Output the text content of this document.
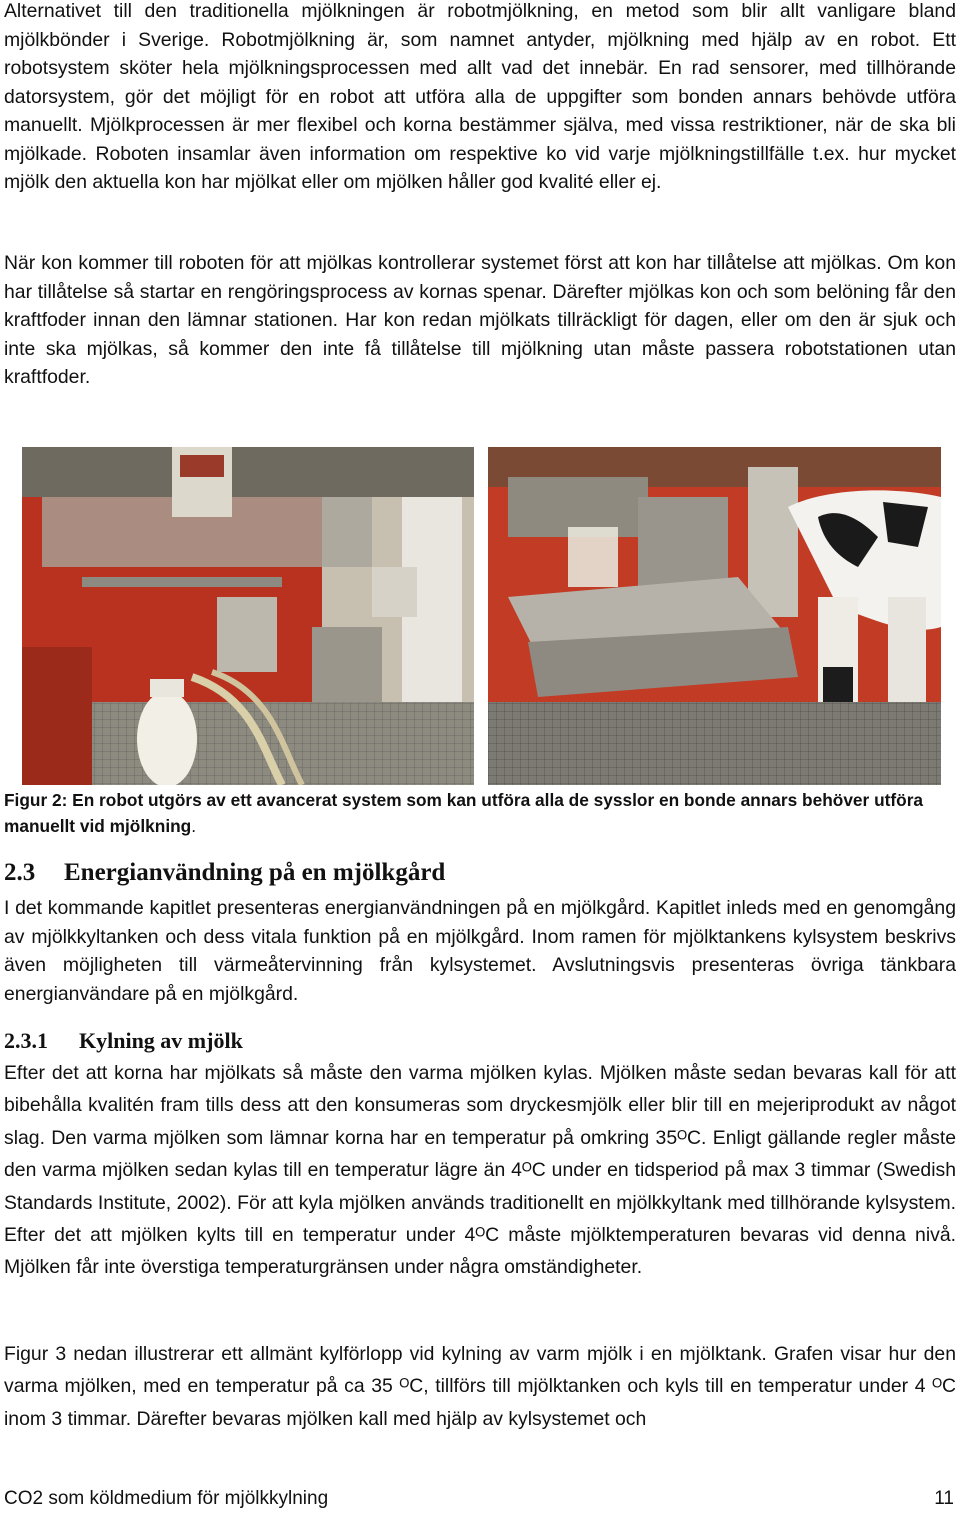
Alternativet till den traditionella mjölkningen är robotmjölkning, en metod som blir allt vanligare bland mjölkbönder i Sverige. Robotmjölkning är, som namnet antyder, mjölkning med hjälp av en robot. Ett robotsystem sköter hela mjölkningsprocessen med allt vad det innebär. En rad sensorer, med tillhörande datorsystem, gör det möjligt för en robot att utföra alla de uppgifter som bonden annars behövde utföra manuellt. Mjölkprocessen är mer flexibel och korna bestämmer själva, med vissa restriktioner, när de ska bli mjölkade. Roboten insamlar även information om respektive ko vid varje mjölkningstillfälle t.ex. hur mycket mjölk den aktuella kon har mjölkat eller om mjölken håller god kvalité eller ej.

När kon kommer till roboten för att mjölkas kontrollerar systemet först att kon har tillåtelse att mjölkas. Om kon har tillåtelse så startar en rengöringsprocess av kornas spenar. Därefter mjölkas kon och som belöning får den kraftfoder innan den lämnar stationen. Har kon redan mjölkats tillräckligt för dagen, eller om den är sjuk och inte ska mjölkas, så kommer den inte få tillåtelse till mjölkning utan måste passera robotstationen utan kraftfoder.

Figur 2: En robot utgörs av ett avancerat system som kan utföra alla de sysslor en bonde annars behöver utföra manuellt vid mjölkning.

2.3 Energianvändning på en mjölkgård

I det kommande kapitlet presenteras energianvändningen på en mjölkgård. Kapitlet inleds med en genomgång av mjölkkyltanken och dess vitala funktion på en mjölkgård. Inom ramen för mjölktankens kylsystem beskrivs även möjligheten till värmeåtervinning från kylsystemet. Avslutningsvis presenteras övriga tänkbara energianvändare på en mjölkgård.

2.3.1 Kylning av mjölk

Efter det att korna har mjölkats så måste den varma mjölken kylas. Mjölken måste sedan bevaras kall för att bibehålla kvalitén fram tills dess att den konsumeras som dryckesmjölk eller blir till en mejeriprodukt av något slag. Den varma mjölken som lämnar korna har en temperatur på omkring 35ᴼC. Enligt gällande regler måste den varma mjölken sedan kylas till en temperatur lägre än 4ᴼC under en tidsperiod på max 3 timmar (Swedish Standards Institute, 2002). För att kyla mjölken används traditionellt en mjölkkyltank med tillhörande kylsystem. Efter det att mjölken kylts till en temperatur under 4ᴼC måste mjölktemperaturen bevaras vid denna nivå. Mjölken får inte överstiga temperaturgränsen under några omständigheter.

Figur 3 nedan illustrerar ett allmänt kylförlopp vid kylning av varm mjölk i en mjölktank. Grafen visar hur den varma mjölken, med en temperatur på ca 35 ᴼC, tillförs till mjölktanken och kyls till en temperatur under 4 ᴼC inom 3 timmar. Därefter bevaras mjölken kall med hjälp av kylsystemet och

CO2 som köldmedium för mjölkkylning	11
